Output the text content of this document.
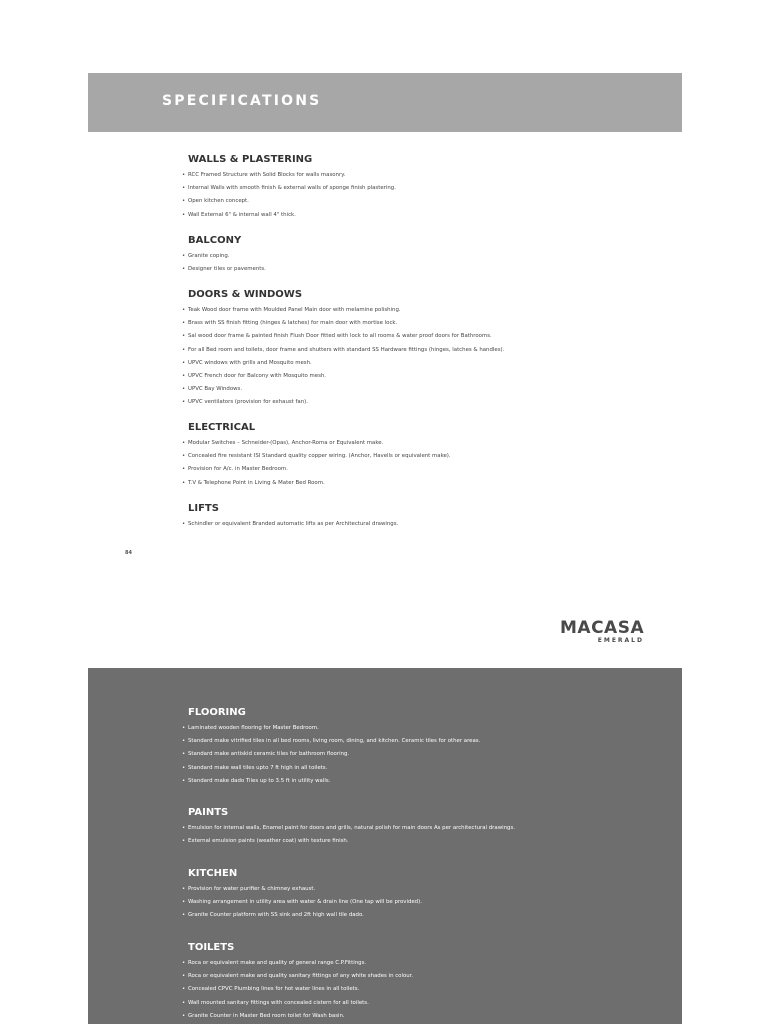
SPECIFICATIONS
WALLS & PLASTERING
• RCC Framed Structure with Solid Blocks for walls masonry.
• Internal Walls with smooth finish & external walls of sponge finish plastering.
• Open kitchen concept.
• Wall External 6" & internal wall 4" thick.
BALCONY
• Granite coping.
• Designer tiles or pavements.
DOORS & WINDOWS
• Teak Wood door frame with Moulded Panel Main door with melamine polishing.
• Brass with SS finish fitting (hinges & latches) for main door with mortise lock.
• Sal wood door frame & painted finish Flush Door fitted with lock to all rooms & water proof doors for Bathrooms.
• For all Bed room and toilets, door frame and shutters with standard SS Hardware fittings (hinges, latches & handles).
• UPVC windows with grills and Mosquito mesh.
• UPVC French door for Balcony with Mosquito mesh.
• UPVC Bay Windows.
• UPVC ventilators (provision for exhaust fan).
ELECTRICAL
• Modular Switches – Schneider-(Opas), Anchor-Roma or Equivalent make.
• Concealed fire resistant ISI Standard quality copper wiring. (Anchor, Havells or equivalent make).
• Provision for A/c. in Master Bedroom.
• T.V & Telephone Point in Living & Mater Bed Room.
LIFTS
• Schindler or equivalent Branded automatic lifts as per Architectural drawings.
84
MACASA
EMERALD
FLOORING
• Laminated wooden flooring for Master Bedroom.
• Standard make vitrified tiles in all bed rooms, living room, dining, and kitchen. Ceramic tiles for other areas.
• Standard make antiskid ceramic tiles for bathroom flooring.
• Standard make wall tiles upto 7 ft high in all toilets.
• Standard make dado Tiles up to 3.5 ft in utility walls.
PAINTS
• Emulsion for internal walls, Enamel paint for doors and grills, natural polish for main doors As per architectural drawings.
• External emulsion paints (weather coat) with texture finish.
KITCHEN
• Provision for water purifier & chimney exhaust.
• Washing arrangement in utility area with water & drain line (One tap will be provided).
• Granite Counter platform with SS sink and 2ft high wall tile dado.
TOILETS
• Roca or equivalent make and quality of general range C.P.Fittings.
• Roca or equivalent make and quality sanitary fittings of any white shades in colour.
• Concealed CPVC Plumbing lines for hot water lines in all toilets.
• Wall mounted sanitary fittings with concealed cistern for all toilets.
• Granite Counter in Master Bed room toilet for Wash basin.
